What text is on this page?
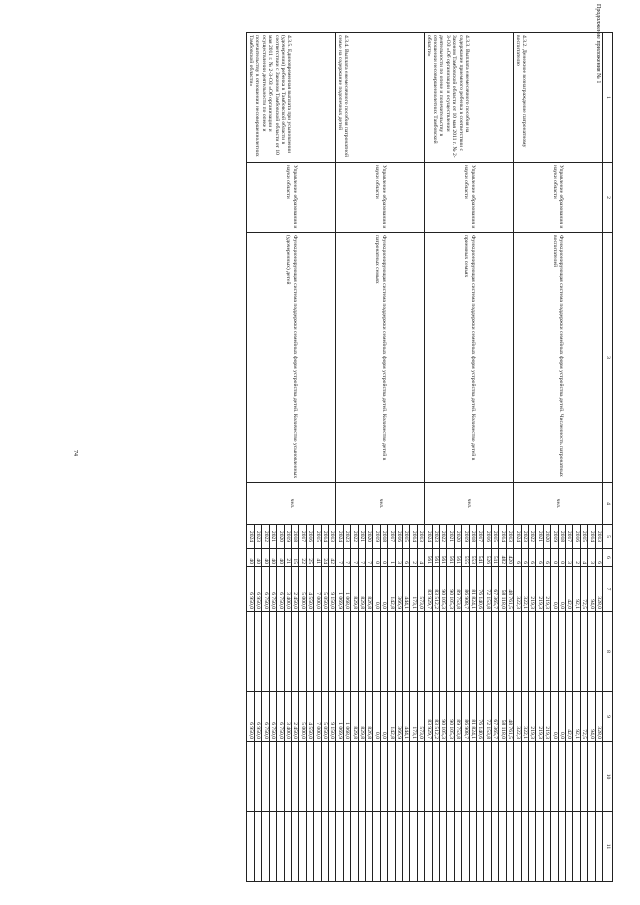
74
Продолжение приложения № 1
1	2	3	4	5	6	7	8	9	10	11
4.3.2. Денежное вознаграждение патронатному воспитателю	Управление образования и науки области	Функционирующая система поддержки семейных форм устройства детей. Численность патронатных воспитателей	чел.	2013	6	328,0		328,0		
				2014	3	94,0		94,0		
				2015	4	72,5		72,5		
				2016	2	92,1		92,1		
				2017	3	42,0		42,0		
				2018	0	0,0		0,0		
				2019	0	0,0		0,0		
				2020	6	219,3		219,3		
				2021	6	219,3		219,3		
				2022	6	219,3		219,3		
				2023	6	322,1		322,1		
				2024	6	322,3		322,3		
4.3.3. Выплата ежемесячного пособия на содержание приемного ребенка в соответствии с Законом Тамбовской области от 10 мая 2011 г. № 2-3-ОЗ «Об организации и осуществлении деятельности по опеке и попечительству в отношении несовершеннолетних Тамбовской области»	Управление образования и науки области	Функционирующая система поддержки семейных форм устройства детей. Количество детей в приемных семьях	чел.	2013	420	48 761,5		48 761,5		
				2014	482	58 118,0		58 118,0		
				2015	511	67 365,7		67 365,7		
				2016	526	72 153,8		72 153,8		
				2017	541	76 140,6		76 140,6		
				2018	553	81 824,1		81 824,1		
				2019	555	86 908,7		86 908,7		
				2020	561	89 753,8		89 753,8		
				2021	561	90 105,3		90 105,3		
				2022	561	90 105,3		90 105,3		
				2023	561	83 512,2		83 512,2		
				2024	561	83 929,7		83 929,7		
4.3.4. Выплата ежемесячного пособия патронатной семье на содержание подопечных детей	Управление образования и науки области	Функционирующая система поддержки семейных форм устройства детей. Количество детей в патронатных семьях	чел.	2013	4	573,0		573,0		
				2014	2	173,1		173,1		
				2015	6	444,1		444,1		
				2016	3	366,9		366,9		
				2017	1	142,8		142,8		
				2018	0	0,0		0,0		
				2019	0	0,0		0,0		
				2020	7	826,8		826,8		
				2021	7	829,8		829,8		
				2022	7	829,8		829,8		
				2023	7	1 068,0		1 068,0		
				2024	7	1 069,9		1 069,9		
4.3.5. Единовременная выплата при усыновлении (удочерении) ребенка в Тамбовской области в соответствии с Законом Тамбовской области от 10 мая 2011 г. № 2-3-ОЗ «Об организации и осуществлении деятельности по опеке и попечительству в отношении несовершеннолетних Тамбовской области»	Управление образования и науки области	Функционирующая система поддержки семейных форм устройства детей. Количество усыновленных (удочеренных) детей	чел.	2013	42	9 150,0		9 150,0		
				2014	24	5 050,0		5 050,0		
				2015	41	7 000,0		7 000,0		
				2016	25	4 550,0		4 550,0		
				2017	22	5 000,0		5 000,0		
				2018	15	2 450,0		2 450,0		
				2019	21	3 400,0		3 400,0		
				2020	40	6 750,0		6 750,0		
				2021	40	6 750,0		6 750,0		
				2022	40	6 750,0		6 750,0		
				2023	40	6 950,0		6 950,0		
				2024	40	6 950,0		6 950,0		
